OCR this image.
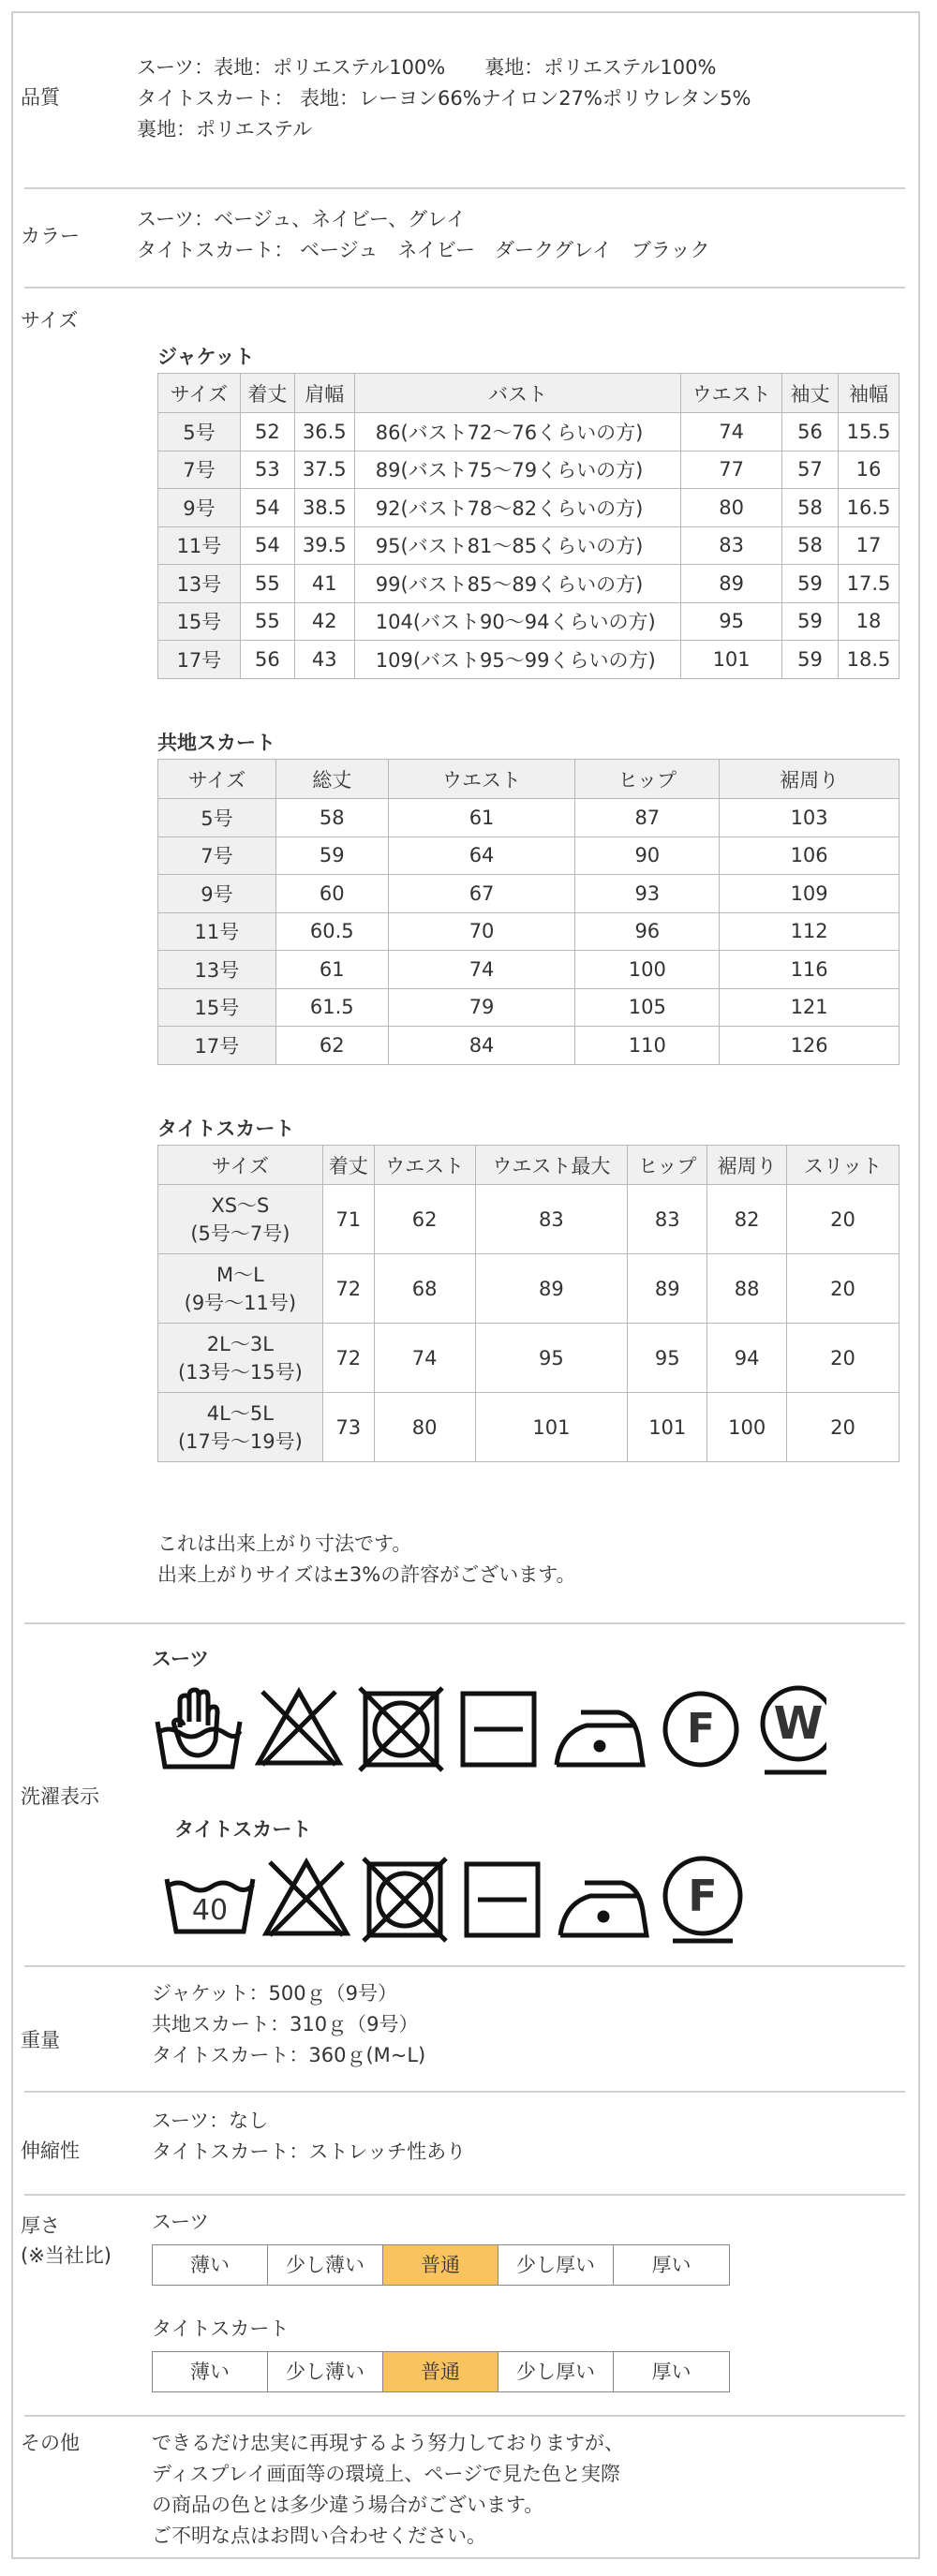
品質
スーツ：表地：ポリエステル100%　　裏地：ポリエステル100%
タイトスカート： 表地：レーヨン66%ナイロン27%ポリウレタン5%
裏地：ポリエステル
カラー
スーツ：ベージュ、ネイビー、グレイ
タイトスカート： ベージュ　ネイビー　ダークグレイ　ブラック
サイズ
ジャケット
サイズ	着丈	肩幅	バスト	ウエスト	袖丈	袖幅
5号	52	36.5	86(バスト72～76くらいの方)	74	56	15.5
7号	53	37.5	89(バスト75～79くらいの方)	77	57	16
9号	54	38.5	92(バスト78～82くらいの方)	80	58	16.5
11号	54	39.5	95(バスト81～85くらいの方)	83	58	17
13号	55	41	99(バスト85～89くらいの方)	89	59	17.5
15号	55	42	104(バスト90～94くらいの方)	95	59	18
17号	56	43	109(バスト95～99くらいの方)	101	59	18.5
共地スカート
サイズ	総丈	ウエスト	ヒップ	裾周り
5号	58	61	87	103
7号	59	64	90	106
9号	60	67	93	109
11号	60.5	70	96	112
13号	61	74	100	116
15号	61.5	79	105	121
17号	62	84	110	126
タイトスカート
サイズ	着丈	ウエスト	ウエスト最大	ヒップ	裾周り	スリット

XS～S
(5号～7号)	71	62	83	83	82	20

M～L
(9号～11号)	72	68	89	89	88	20

2L～3L
(13号～15号)	72	74	95	95	94	20

4L～5L
(17号～19号)	73	80	101	101	100	20
これは出来上がり寸法です。
出来上がりサイズは±3%の許容がございます。
洗濯表示
スーツ
F	W
タイトスカート
40	F
重量
ジャケット：500ｇ（9号）
共地スカート：310ｇ（9号）
タイトスカート：360ｇ(M~L)
伸縮性
スーツ：なし
タイトスカート：ストレッチ性あり
厚さ
(※当社比)
スーツ
薄い	少し薄い	普通	少し厚い	厚い
タイトスカート
薄い	少し薄い	普通	少し厚い	厚い
その他	できるだけ忠実に再現するよう努力しておりますが、
ディスプレイ画面等の環境上、ページで見た色と実際
の商品の色とは多少違う場合がございます。
ご不明な点はお問い合わせください。
